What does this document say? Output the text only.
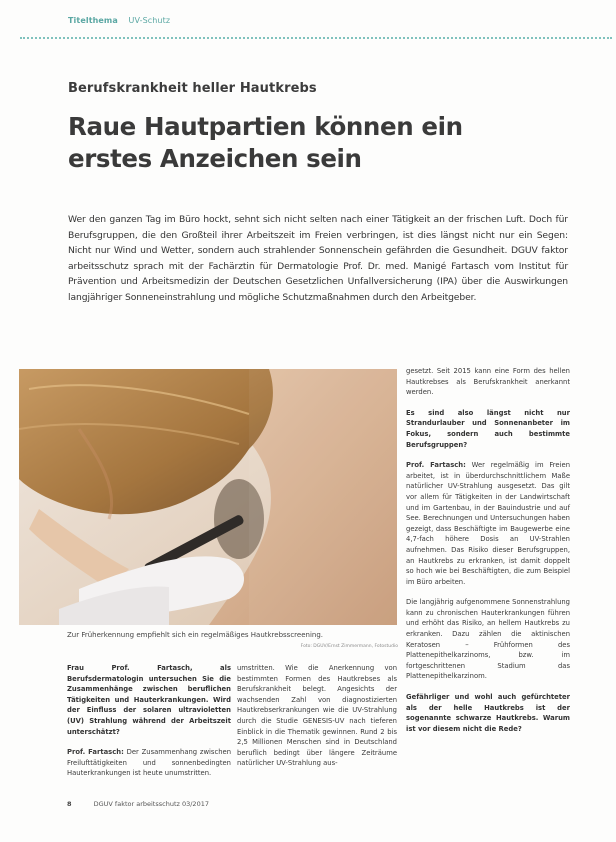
Titelthema UV-Schutz
Berufskrankheit heller Hautkrebs
Raue Hautpartien können ein erstes Anzeichen sein

Wer den ganzen Tag im Büro hockt, sehnt sich nicht selten nach einer Tätigkeit an der frischen Luft. Doch für Berufsgruppen, die den Großteil ihrer Arbeitszeit im Freien verbringen, ist dies längst nicht nur ein Segen: Nicht nur Wind und Wetter, sondern auch strahlender Sonnenschein gefährden die Gesundheit. DGUV faktor arbeitsschutz sprach mit der Fachärztin für Dermatologie Prof. Dr. med. Manigé Fartasch vom Institut für Prävention und Arbeitsmedizin der Deutschen Gesetzlichen Unfallversicherung (IPA) über die Auswirkungen langjähriger Sonneneinstrahlung und mögliche Schutzmaßnahmen durch den Arbeitgeber.

Zur Früherkennung empfiehlt sich ein regelmäßiges Hautkrebsscreening.
Foto: DGUV/Ernst Zimmermann, Fotostudio

gesetzt. Seit 2015 kann eine Form des hellen Hautkrebses als Berufskrankheit anerkannt werden.

Es sind also längst nicht nur Strandurlauber und Sonnenanbeter im Fokus, sondern auch bestimmte Berufsgruppen?

Prof. Fartasch: Wer regelmäßig im Freien arbeitet, ist in überdurchschnittlichem Maße natürlicher UV-Strahlung ausgesetzt. Das gilt vor allem für Tätigkeiten in der Landwirtschaft und im Gartenbau, in der Bauindustrie und auf See. Berechnungen und Untersuchungen haben gezeigt, dass Beschäftigte im Baugewerbe eine 4,7-fach höhere Dosis an UV-Strahlen aufnehmen. Das Risiko dieser Berufsgruppen, an Hautkrebs zu erkranken, ist damit doppelt so hoch wie bei Beschäftigten, die zum Beispiel im Büro arbeiten.

Die langjährig aufgenommene Sonnenstrahlung kann zu chronischen Hauterkrankungen führen und erhöht das Risiko, an hellem Hautkrebs zu erkranken. Dazu zählen die aktinischen Keratosen – Frühformen des Plattenepithelkarzinoms, bzw. im fortgeschrittenen Stadium das Plattenepithelkarzinom.

Gefährliger und wohl auch gefürchteter als der helle Hautkrebs ist der sogenannte schwarze Hautkrebs. Warum ist vor diesem nicht die Rede?

Frau Prof. Fartasch, als Berufsdermatologin untersuchen Sie die Zusammenhänge zwischen beruflichen Tätigkeiten und Hauterkrankungen. Wird der Einfluss der solaren ultravioletten (UV) Strahlung während der Arbeitszeit unterschätzt?

Prof. Fartasch: Der Zusammenhang zwischen Freilufttätigkeiten und sonnenbedingten Hauterkrankungen ist heute unumstritten.

umstritten. Wie die Anerkennung von bestimmten Formen des Hautkrebses als Berufskrankheit belegt. Angesichts der wachsenden Zahl von diagnostizierten Hautkrebserkrankungen wie die UV-Strahlung durch die Studie GENESIS-UV nach tieferen Einblick in die Thematik gewinnen. Rund 2 bis 2,5 Millionen Menschen sind in Deutschland beruflich bedingt über längere Zeiträume natürlicher UV-Strahlung aus-
8	DGUV faktor arbeitsschutz 03/2017
